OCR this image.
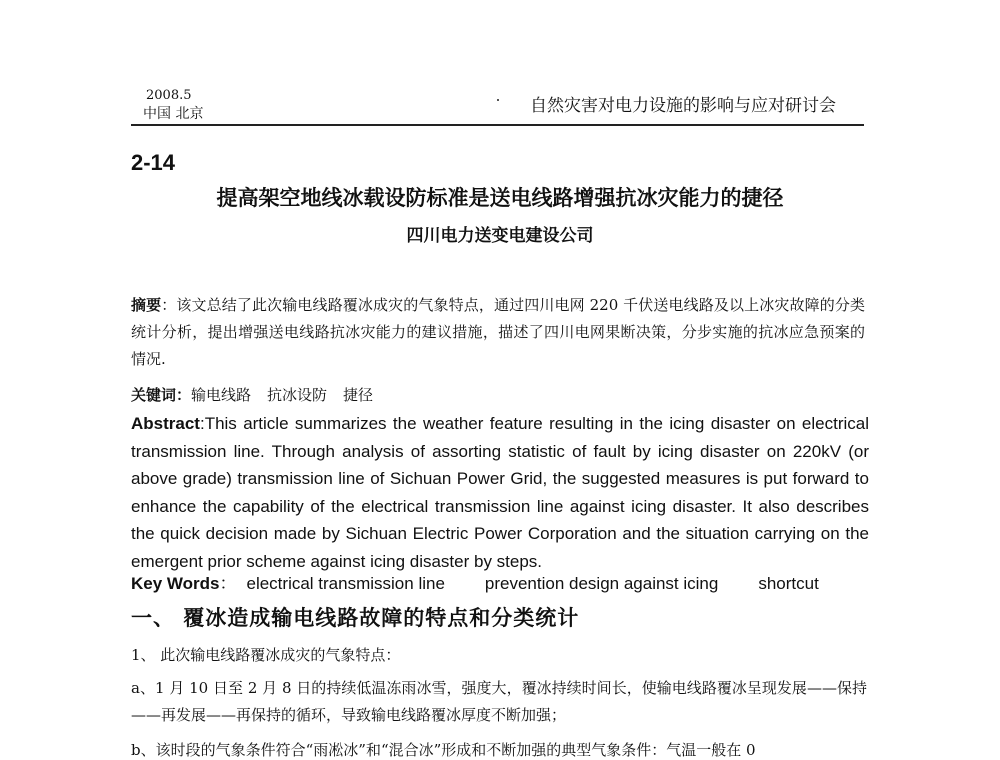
2008.5
中国 北京	自然灾害对电力设施的影响与应对研讨会
2-14
提高架空地线冰载设防标准是送电线路增强抗冰灾能力的捷径
四川电力送变电建设公司
摘要：该文总结了此次输电线路覆冰成灾的气象特点，通过四川电网 220 千伏送电线路及以上冰灾故障的分类统计分析，提出增强送电线路抗冰灾能力的建议措施，描述了四川电网果断决策，分步实施的抗冰应急预案的情况.
关键词：输电线路 抗冰设防 捷径
Abstract:This article summarizes the weather feature resulting in the icing disaster on electrical transmission line. Through analysis of assorting statistic of fault by icing disaster on 220kV (or above grade) transmission line of Sichuan Power Grid, the suggested measures is put forward to enhance the capability of the electrical transmission line against icing disaster. It also describes the quick decision made by Sichuan Electric Power Corporation and the situation carrying on the emergent prior scheme against icing disaster by steps.
Key Words： electrical transmission line prevention design against icing shortcut
一、 覆冰造成输电线路故障的特点和分类统计
1、 此次输电线路覆冰成灾的气象特点：
a、1 月 10 日至 2 月 8 日的持续低温冻雨冰雪，强度大，覆冰持续时间长，使输电线路覆冰呈现发展——保持——再发展——再保持的循环，导致输电线路覆冰厚度不断加强；
b、该时段的气象条件符合“雨凇冰”和“混合冰”形成和不断加强的典型气象条件：气温一般在 0
